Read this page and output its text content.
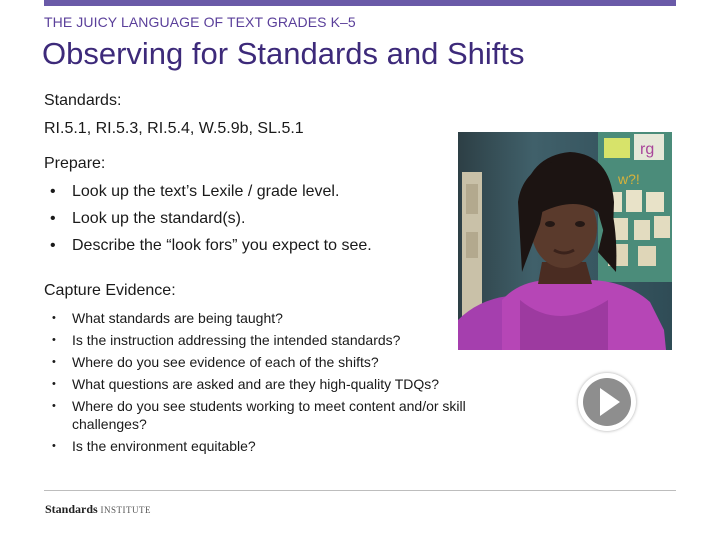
THE JUICY LANGUAGE OF TEXT GRADES K–5
Observing for Standards and Shifts
Standards:
RI.5.1, RI.5.3, RI.5.4, W.5.9b, SL.5.1
Prepare:
• Look up the text’s Lexile / grade level.
• Look up the standard(s).
• Describe the “look fors” you expect to see.
Capture Evidence:
•	What standards are being taught?
•	Is the instruction addressing the intended standards?
•	Where do you see evidence of each of the shifts?
•	What questions are asked and are they high-quality TDQs?
•	Where do you see students working to meet content and/or skill challenges?
•	Is the environment equitable?
rg
w?!
Standards INSTITUTE
